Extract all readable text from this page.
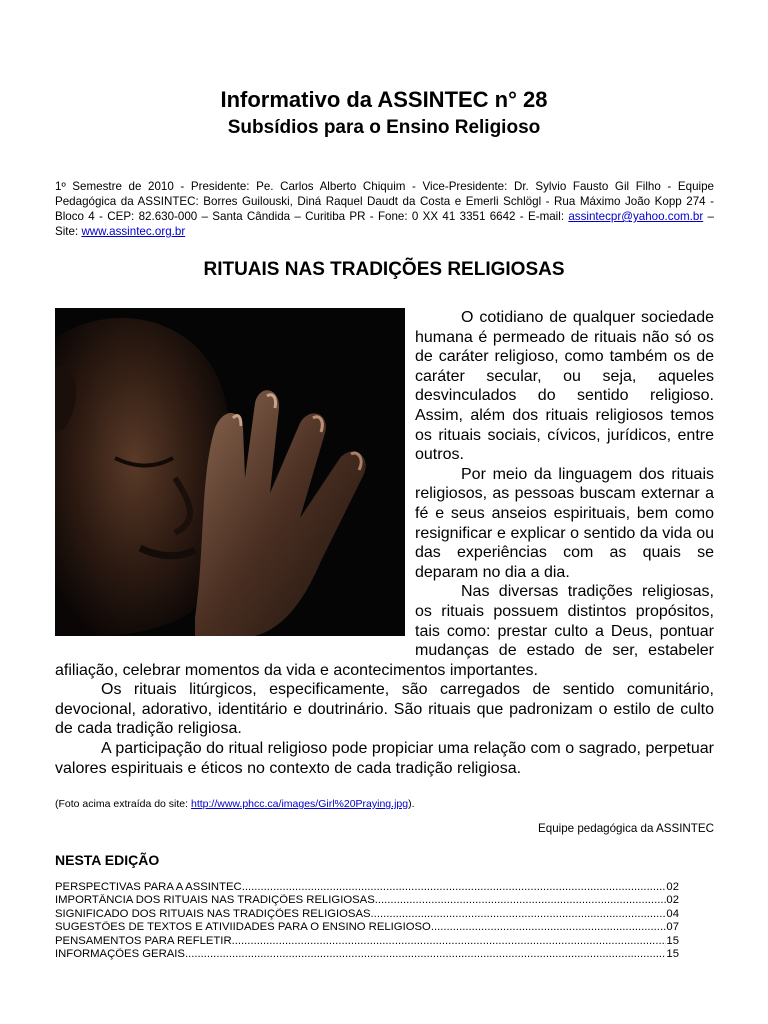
Informativo da ASSINTEC n° 28
Subsídios para o Ensino Religioso
1º Semestre de 2010 - Presidente: Pe. Carlos Alberto Chiquim - Vice-Presidente: Dr. Sylvio Fausto Gil Filho - Equipe Pedagógica da ASSINTEC: Borres Guilouski, Diná Raquel Daudt da Costa e Emerli Schlögl - Rua Máximo João Kopp 274 - Bloco 4 - CEP: 82.630-000 – Santa Cândida – Curitiba PR - Fone: 0 XX 41 3351 6642 - E-mail: assintecpr@yahoo.com.br – Site: www.assintec.org.br
RITUAIS NAS TRADIÇÕES RELIGIOSAS

O cotidiano de qualquer sociedade humana é permeado de rituais não só os de caráter religioso, como também os de caráter secular, ou seja, aqueles desvinculados do sentido religioso. Assim, além dos rituais religiosos temos os rituais sociais, cívicos, jurídicos, entre outros.

Por meio da linguagem dos rituais religiosos, as pessoas buscam externar a fé e seus anseios espirituais, bem como resignificar e explicar o sentido da vida ou das experiências com as quais se deparam no dia a dia.

Nas diversas tradições religiosas, os rituais possuem distintos propósitos, tais como: prestar culto a Deus, pontuar mudanças de estado de ser, estabeler afiliação, celebrar momentos da vida e acontecimentos importantes.

Os rituais litúrgicos, especificamente, são carregados de sentido comunitário, devocional, adorativo, identitário e doutrinário. São rituais que padronizam o estilo de culto de cada tradição religiosa.

A participação do ritual religioso pode propiciar uma relação com o sagrado, perpetuar valores espirituais e éticos no contexto de cada tradição religiosa.

(Foto acima extraída do site: http://www.phcc.ca/images/Girl%20Praying.jpg).
Equipe pedagógica da ASSINTEC
NESTA EDIÇÃO
PERSPECTIVAS PARA A ASSINTEC .....	02
IMPORTÂNCIA DOS RITUAIS NAS TRADIÇÕES RELIGIOSAS .....	02
SIGNIFICADO DOS RITUAIS NAS TRADIÇÕES RELIGIOSAS .....	04
SUGESTÕES DE TEXTOS E ATIVIIDADES PARA O ENSINO RELIGIOSO .....	07
PENSAMENTOS PARA REFLETIR .....	15
INFORMAÇÕES GERAIS .....	15
